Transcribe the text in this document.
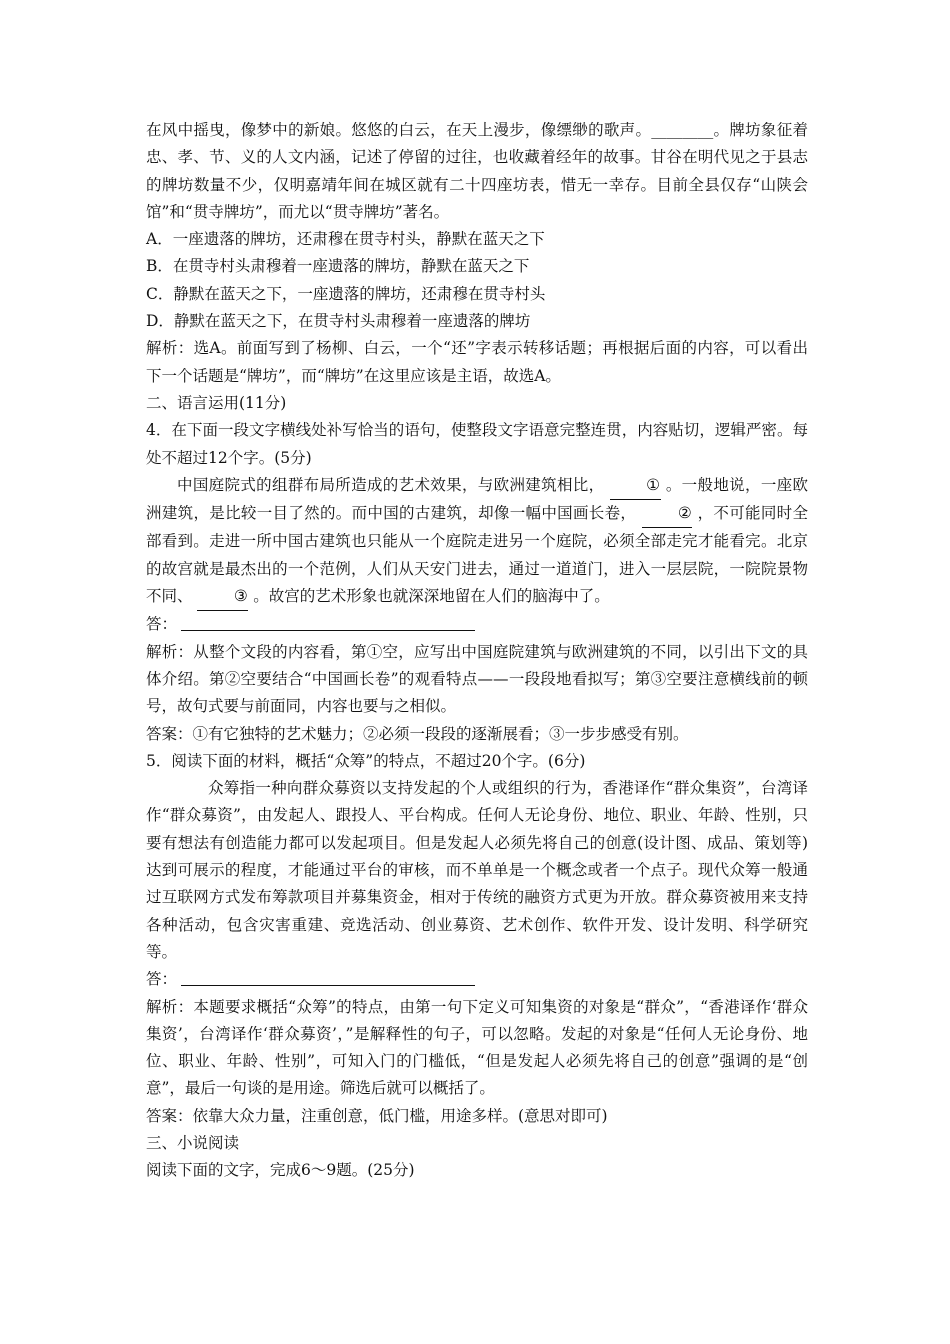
在风中摇曳，像梦中的新娘。悠悠的白云，在天上漫步，像缥缈的歌声。________。牌坊象征着忠、孝、节、义的人文内涵，记述了停留的过往，也收藏着经年的故事。甘谷在明代见之于县志的牌坊数量不少，仅明嘉靖年间在城区就有二十四座坊表，惜无一幸存。目前全县仅存“山陕会馆”和“贯寺牌坊”，而尤以“贯寺牌坊”著名。

A．一座遗落的牌坊，还肃穆在贯寺村头，静默在蓝天之下

B．在贯寺村头肃穆着一座遗落的牌坊，静默在蓝天之下

C．静默在蓝天之下，一座遗落的牌坊，还肃穆在贯寺村头

D．静默在蓝天之下，在贯寺村头肃穆着一座遗落的牌坊

解析：选A。前面写到了杨柳、白云，一个“还”字表示转移话题；再根据后面的内容，可以看出下一个话题是“牌坊”，而“牌坊”在这里应该是主语，故选A。

二、语言运用(11分)

4．在下面一段文字横线处补写恰当的语句，使整段文字语意完整连贯，内容贴切，逻辑严密。每处不超过12个字。(5分)

中国庭院式的组群布局所造成的艺术效果，与欧洲建筑相比，	① 。一般地说，一座欧洲建筑，是比较一目了然的。而中国的古建筑，却像一幅中国画长卷，	② ，不可能同时全部看到。走进一所中国古建筑也只能从一个庭院走进另一个庭院，必须全部走完才能看完。北京的故宫就是最杰出的一个范例，人们从天安门进去，通过一道道门，进入一层层院，一院院景物不同、	③ 。故宫的艺术形象也就深深地留在人们的脑海中了。

答：

解析：从整个文段的内容看，第①空，应写出中国庭院建筑与欧洲建筑的不同，以引出下文的具体介绍。第②空要结合“中国画长卷”的观看特点——一段段地看拟写；第③空要注意横线前的顿号，故句式要与前面同，内容也要与之相似。

答案：①有它独特的艺术魅力；②必须一段段的逐渐展看；③一步步感受有别。

5．阅读下面的材料，概括“众筹”的特点，不超过20个字。(6分)

众筹指一种向群众募资以支持发起的个人或组织的行为，香港译作“群众集资”，台湾译作“群众募资”，由发起人、跟投人、平台构成。任何人无论身份、地位、职业、年龄、性别，只要有想法有创造能力都可以发起项目。但是发起人必须先将自己的创意(设计图、成品、策划等)达到可展示的程度，才能通过平台的审核，而不单单是一个概念或者一个点子。现代众筹一般通过互联网方式发布筹款项目并募集资金，相对于传统的融资方式更为开放。群众募资被用来支持各种活动，包含灾害重建、竞选活动、创业募资、艺术创作、软件开发、设计发明、科学研究等。

答：

解析：本题要求概括“众筹”的特点，由第一句下定义可知集资的对象是“群众”，“香港译作‘群众集资’，台湾译作‘群众募资’，”是解释性的句子，可以忽略。发起的对象是“任何人无论身份、地位、职业、年龄、性别”，可知入门的门槛低，“但是发起人必须先将自己的创意”强调的是“创意”，最后一句谈的是用途。筛选后就可以概括了。

答案：依靠大众力量，注重创意，低门槛，用途多样。(意思对即可)

三、小说阅读

阅读下面的文字，完成6～9题。(25分)
